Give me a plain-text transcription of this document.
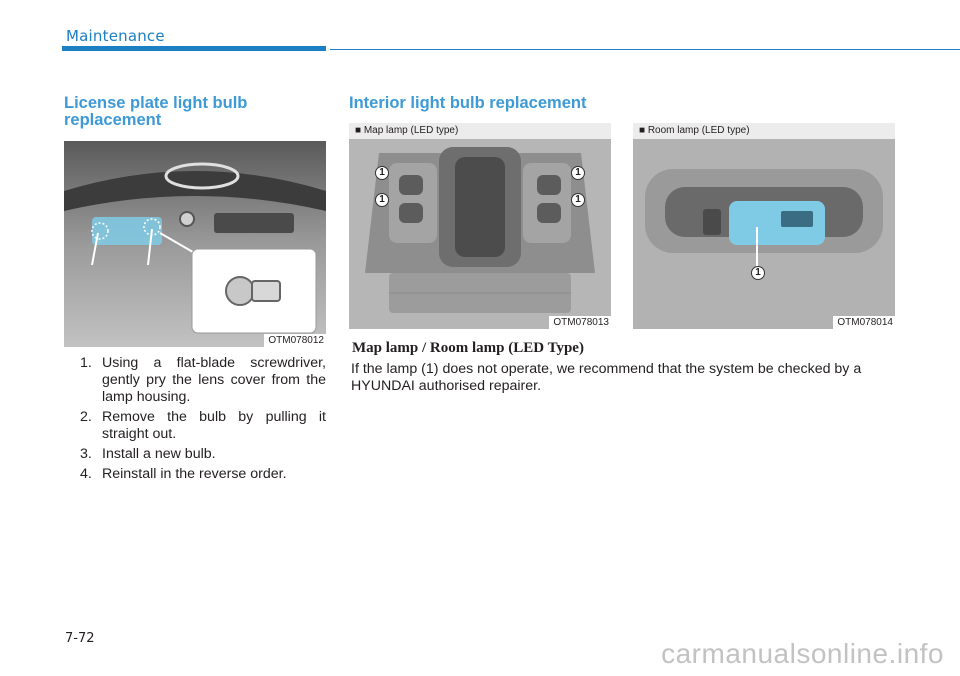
Maintenance
License plate light bulb replacement
OTM078012
1. Using a flat-blade screwdriver, gently pry the lens cover from the lamp housing.
2. Remove the bulb by pulling it straight out.
3. Install a new bulb.
4. Reinstall in the reverse order.
Interior light bulb replacement
■ Map lamp (LED type)
1
1
1
1
OTM078013
■ Room lamp (LED type)
1
OTM078014
Map lamp / Room lamp (LED Type)
If the lamp (1) does not operate, we recommend that the system be checked by a HYUNDAI authorised repairer.
7-72	carmanualsonline.info
